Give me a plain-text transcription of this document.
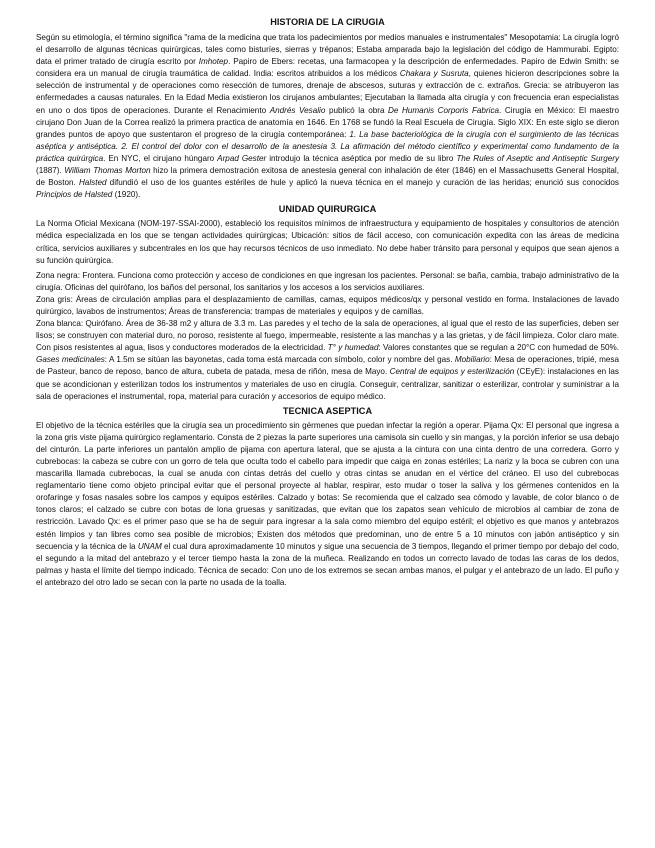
HISTORIA DE LA CIRUGIA

Según su etimología, el término significa "rama de la medicina que trata los padecimientos por medios manuales e instrumentales" Mesopotamia: La cirugía logró el desarrollo de algunas técnicas quirúrgicas, tales como bisturíes, sierras y trépanos; Estaba amparada bajo la legislación del código de Hammurabi. Egipto: data el primer tratado de cirugía escrito por Imhotep. Papiro de Ebers: recetas, una farmacopea y la descripción de enfermedades. Papiro de Edwin Smith: se considera era un manual de cirugía traumática de calidad. India: escritos atribuidos a los médicos Chakara y Susruta, quienes hicieron descripciones sobre la selección de instrumental y de operaciones como resección de tumores, drenaje de abscesos, suturas y extracción de c. extraños. Grecia: se atribuyeron las enfermedades a causas naturales. En la Edad Media existieron los cirujanos ambulantes; Ejecutaban la llamada alta cirugía y con frecuencia eran especialistas en uno o dos tipos de operaciones. Durante el Renacimiento Andrés Vesalio publicó la obra De Humanis Corporis Fabrica. Cirugía en México: El maestro cirujano Don Juan de la Correa realizó la primera practica de anatomía en 1646. En 1768 se fundó la Real Escuela de Cirugía. Siglo XIX: En este siglo se dieron grandes puntos de apoyo que sustentaron el progreso de la cirugía contemporánea: 1. La base bacteriológica de la cirugía con el surgimiento de las técnicas aséptica y antiséptica. 2. El control del dolor con el desarrollo de la anestesia 3. La afirmación del método científico y experimental como fundamento de la práctica quirúrgica. En NYC, el cirujano húngaro Arpad Gester introdujo la técnica aséptica por medio de su libro The Rules of Aseptic and Antiseptic Surgery (1887). William Thomas Morton hizo la primera demostración exitosa de anestesia general con inhalación de éter (1846) en el Massachusetts General Hospital, de Boston. Halsted difundió el uso de los guantes estériles de hule y aplicó la nueva técnica en el manejo y curación de las heridas; enunció sus conocidos Principios de Halsted (1920).

UNIDAD QUIRURGICA

La Norma Oficial Mexicana (NOM-197-SSAI-2000), estableció los requisitos mínimos de infraestructura y equipamiento de hospitales y consultorios de atención médica especializada en los que se tengan actividades quirúrgicas; Ubicación: sitios de fácil acceso, con comunicación expedita con las áreas de medicina crítica, servicios auxiliares y subcentrales en los que hay recursos técnicos de uso inmediato. No debe haber tránsito para personal y equipos que sean ajenos a su función quirúrgica.

Zona negra: Frontera. Funciona como protección y acceso de condiciones en que ingresan los pacientes. Personal: se baña, cambia, trabajo administrativo de la cirugía. Oficinas del quirófano, los baños del personal, los sanitarios y los accesos a los servicios auxiliares.

Zona gris: Áreas de circulación amplias para el desplazamiento de camillas, camas, equipos médicos/qx y personal vestido en forma. Instalaciones de lavado quirúrgico, lavabos de instrumentos; Áreas de transferencia: trampas de materiales y equipos y de camillas.

Zona blanca: Quirófano. Área de 36-38 m2 y altura de 3.3 m. Las paredes y el techo de la sala de operaciones, al igual que el resto de las superficies, deben ser lisos; se construyen con material duro, no poroso, resistente al fuego, impermeable, resistente a las manchas y a las grietas, y de fácil limpieza. Color claro mate. Con pisos resistentes al agua, lisos y conductores moderados de la electricidad. T° y humedad: Valores constantes que se regulan a 20°C con humedad de 50%. Gases medicinales: A 1.5m se sitúan las bayonetas, cada toma está marcada con símbolo, color y nombre del gas. Mobiliario: Mesa de operaciones, tripié, mesa de Pasteur, banco de reposo, banco de altura, cubeta de patada, mesa de riñón, mesa de Mayo. Central de equipos y esterilización (CEyE): instalaciones en las que se acondicionan y esterilizan todos los instrumentos y materiales de uso en cirugía. Conseguir, centralizar, sanitizar o esterilizar, controlar y suministrar a la sala de operaciones el instrumental, ropa, material para curación y accesorios de equipo médico.

TECNICA ASEPTICA

El objetivo de la técnica estériles que la cirugía sea un procedimiento sin gérmenes que puedan infectar la región a operar. Pijama Qx: El personal que ingresa a la zona gris viste pijama quirúrgico reglamentario. Consta de 2 piezas la parte superiores una camisola sin cuello y sin mangas, y la porción inferior se usa debajo del cinturón. La parte inferiores un pantalón amplio de pijama con apertura lateral, que se ajusta a la cintura con una cinta dentro de una corredera. Gorro y cubrebocas: la cabeza se cubre con un gorro de tela que oculta todo el cabello para impedir que caiga en zonas estériles; La nariz y la boca se cubren con una mascarilla llamada cubrebocas, la cual se anuda con cintas detrás del cuello y otras cintas se anudan en el vértice del cráneo. El uso del cubrebocas reglamentario tiene como objeto principal evitar que el personal proyecte al hablar, respirar, esto mudar o toser la saliva y los gérmenes contenidos en la orofaringe y fosas nasales sobre los campos y equipos estériles. Calzado y botas: Se recomienda que el calzado sea cómodo y lavable, de color blanco o de tonos claros; el calzado se cubre con botas de lona gruesas y sanitizadas, que evitan que los zapatos sean vehículo de microbios al cambiar de zona de restricción. Lavado Qx: es el primer paso que se ha de seguir para ingresar a la sala como miembro del equipo estéril; el objetivo es que manos y antebrazos estén limpios y tan libres como sea posible de microbios; Existen dos métodos que predominan, uno de entre 5 a 10 minutos con jabón antiséptico y sin secuencia y la técnica de la UNAM el cual dura aproximadamente 10 minutos y sigue una secuencia de 3 tiempos, llegando el primer tiempo por debajo del codo, el segundo a la mitad del antebrazo y el tercer tiempo hasta la zona de la muñeca. Realizando en todos un correcto lavado de todas las caras de los dedos, palmas y hasta el límite del tiempo indicado. Técnica de secado: Con uno de los extremos se secan ambas manos, el pulgar y el antebrazo de un lado. El puño y el antebrazo del otro lado se secan con la parte no usada de la toalla.
